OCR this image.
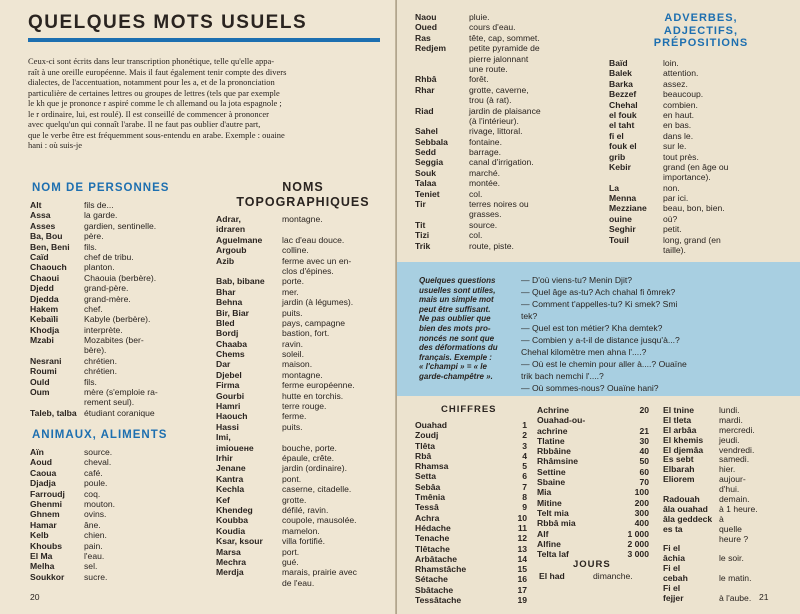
QUELQUES MOTS USUELS
Ceux-ci sont écrits dans leur transcription phonétique, telle qu'elle appa-
raît à une oreille européenne. Mais il faut également tenir compte des divers
dialectes, de l'accentuation, notamment pour les a, et de la prononciation
particulière de certaines lettres ou groupes de lettres (tels que par exemple
le kh que je prononce r aspiré comme le ch allemand ou la jota espagnole ;
le r ordinaire, lui, est roulé). Il est conseillé de commencer à prononcer
avec quelqu'un qui connaît l'arabe. Il ne faut pas oublier d'autre part,
que le verbe être est fréquemment sous-entendu en arabe. Exemple : ouaine
hani : où suis-je
NOM DE PERSONNES
Alt	fils de...
Assa	la garde.
Asses	gardien, sentinelle.
Ba, Bou	père.
Ben, Beni fils.
Caïd	chef de tribu.
Chaouch planton.
Chaoui	Chaouia (berbère).
Djedd	grand-père.
Djedda	grand-mère.
Hakem	chef.
Kebaïli	Kabyle (berbère).
Khodja	interprète.
Mzabi	Mozabites (ber-
bère).
Nesrani	chrétien.
Roumi	chrétien.
Ould	fils.
Oum	mère (s'emploie ra-
rement seul).
Taleb, talba étudiant coranique
ANIMAUX, ALIMENTS
Aïn	source.
Aoud	cheval.
Caoua	café.
Djadja	poule.
Farroudj coq.
Ghenmi	mouton.
Ghnem	ovins.
Hamar	âne.
Kelb	chien.
Khoubs	pain.
El Ma	l'eau.
Melha	sel.
Soukkor sucre.
NOMS
TOPOGRAPHIQUES
Adrar,	montagne.
idraren
Aguelmane lac d'eau douce.
Argoub	colline.
Azib	ferme avec un en-
clos d'épines.
Bab, bibane porte.
Bhar	mer.
Behna	jardin (à légumes).
Bir, Biar	puits.
Bled	pays, campagne
Bordj	bastion, fort.
Chaaba	ravin.
Chems	soleil.
Dar	maison.
Djebel	montagne.
Firma	ferme européenne.
Gourbi	hutte en torchis.
Hamri	terre rouge.
Haouch	ferme.
Hassi	puits.
Imi,
imioueне	bouche, porte.
Irhir	épaule, crête.
Jenane	jardin (ordinaire).
Kantra	pont.
Kechla	caserne, citadelle.
Kef	grotte.
Khendeg	défilé, ravin.
Koubba	coupole, mausolée.
Koudia	mamelon.
Ksar, ksour villa fortifié.
Marsa	port.
Mechra	gué.
Merdja	marais, prairie avec
de l'eau.
20
Naou	pluie.
Oued	cours d'eau.
Ras	tête, cap, sommet.
Redjem	petite pyramide de
pierre jalonnant
une route.
Rhbâ	forêt.
Rhar	grotte, caverne,
trou (à rat).
Riad	jardin de plaisance
(à l'intérieur).
Sahel	rivage, littoral.
Sebbala fontaine.
Sedd	barrage.
Seggia	canal d'irrigation.
Souk	marché.
Talaa	montée.
Teniet	col.
Tir	terres noires ou
grasses.
Tit	source.
Tizi	col.
Trik	route, piste.
ADVERBES,
ADJECTIFS,
PRÉPOSITIONS
Baïd	loin.
Balek	attention.
Barka	assez.
Bezzef	beaucoup.
Chehal	combien.
el fouk	en haut.
el taht	en bas.
fi el	dans le.
fouk el	sur le.
grib	tout près.
Kebir	grand (en âge ou
importance).
La	non.
Menna	par ici.
Mezziane beau, bon, bien.
ouine	où?
Seghir	petit.
Touil	long, grand (en
taille).
Quelques questions
usuelles sont utiles,
mais un simple mot
peut être suffisant.
Ne pas oublier que
bien des mots pro-
noncés ne sont que
des déformations du
français. Exemple :
« l'champi » = « le
garde-champêtre ».
— D'où viens-tu? Menin Djit?
— Quel âge as-tu? Ach chahal fi ômrek?
— Comment t'appelles-tu? Ki smek? Smi
tek?
— Quel est ton métier? Kha demtek?
— Combien y a-t-il de distance jusqu'à...?
Chehal kilomètre men ahna l'....?
— Où est le chemin pour aller à....? Ouaïne
trik bach nemchi l'....?
— Où sommes-nous? Ouaïne hani?
CHIFFRES
Ouahad	1
Zoudj	2
Tlêta	3
Rbâ	4
Rhamsa	5
Setta	6
Sebâa	7
Tmênia	8
Tessâ	9
Achra	10
Hédache	11
Tenache	12
Tlêtache	13
Arbâtache	14
Rhamstâche	15
Sétache	16
Sbâtache	17
Tessâtache	19
Achrine	20
Ouahad-ou-
achrine	21
Tlatine	30
Rbbâine	40
Rhâmsine	50
Settine	60
Sbaine	70
Mia	100
Mitine	200
Telt mia	300
Rbbâ mia	400
Alf	1 000
Alfine	2 000
Telta laf	3 000
JOURS
El had	dimanche.
El tnine	lundi.
El tleta	mardi.
El arbâa	mercredi.
El khemis jeudi.
El djemâa vendredi.
Es sebt	samedi.
Elbarah	hier.
Eliorem	aujour-
d'hui.
Radouah demain.
âla ouahad à 1 heure.
âla geddeck à
es ta	quelle
heure ?
Fi el
âchia	le soir.
Fi el
cebah	le matin.
Fi el
fejjer	à l'aube. 21
